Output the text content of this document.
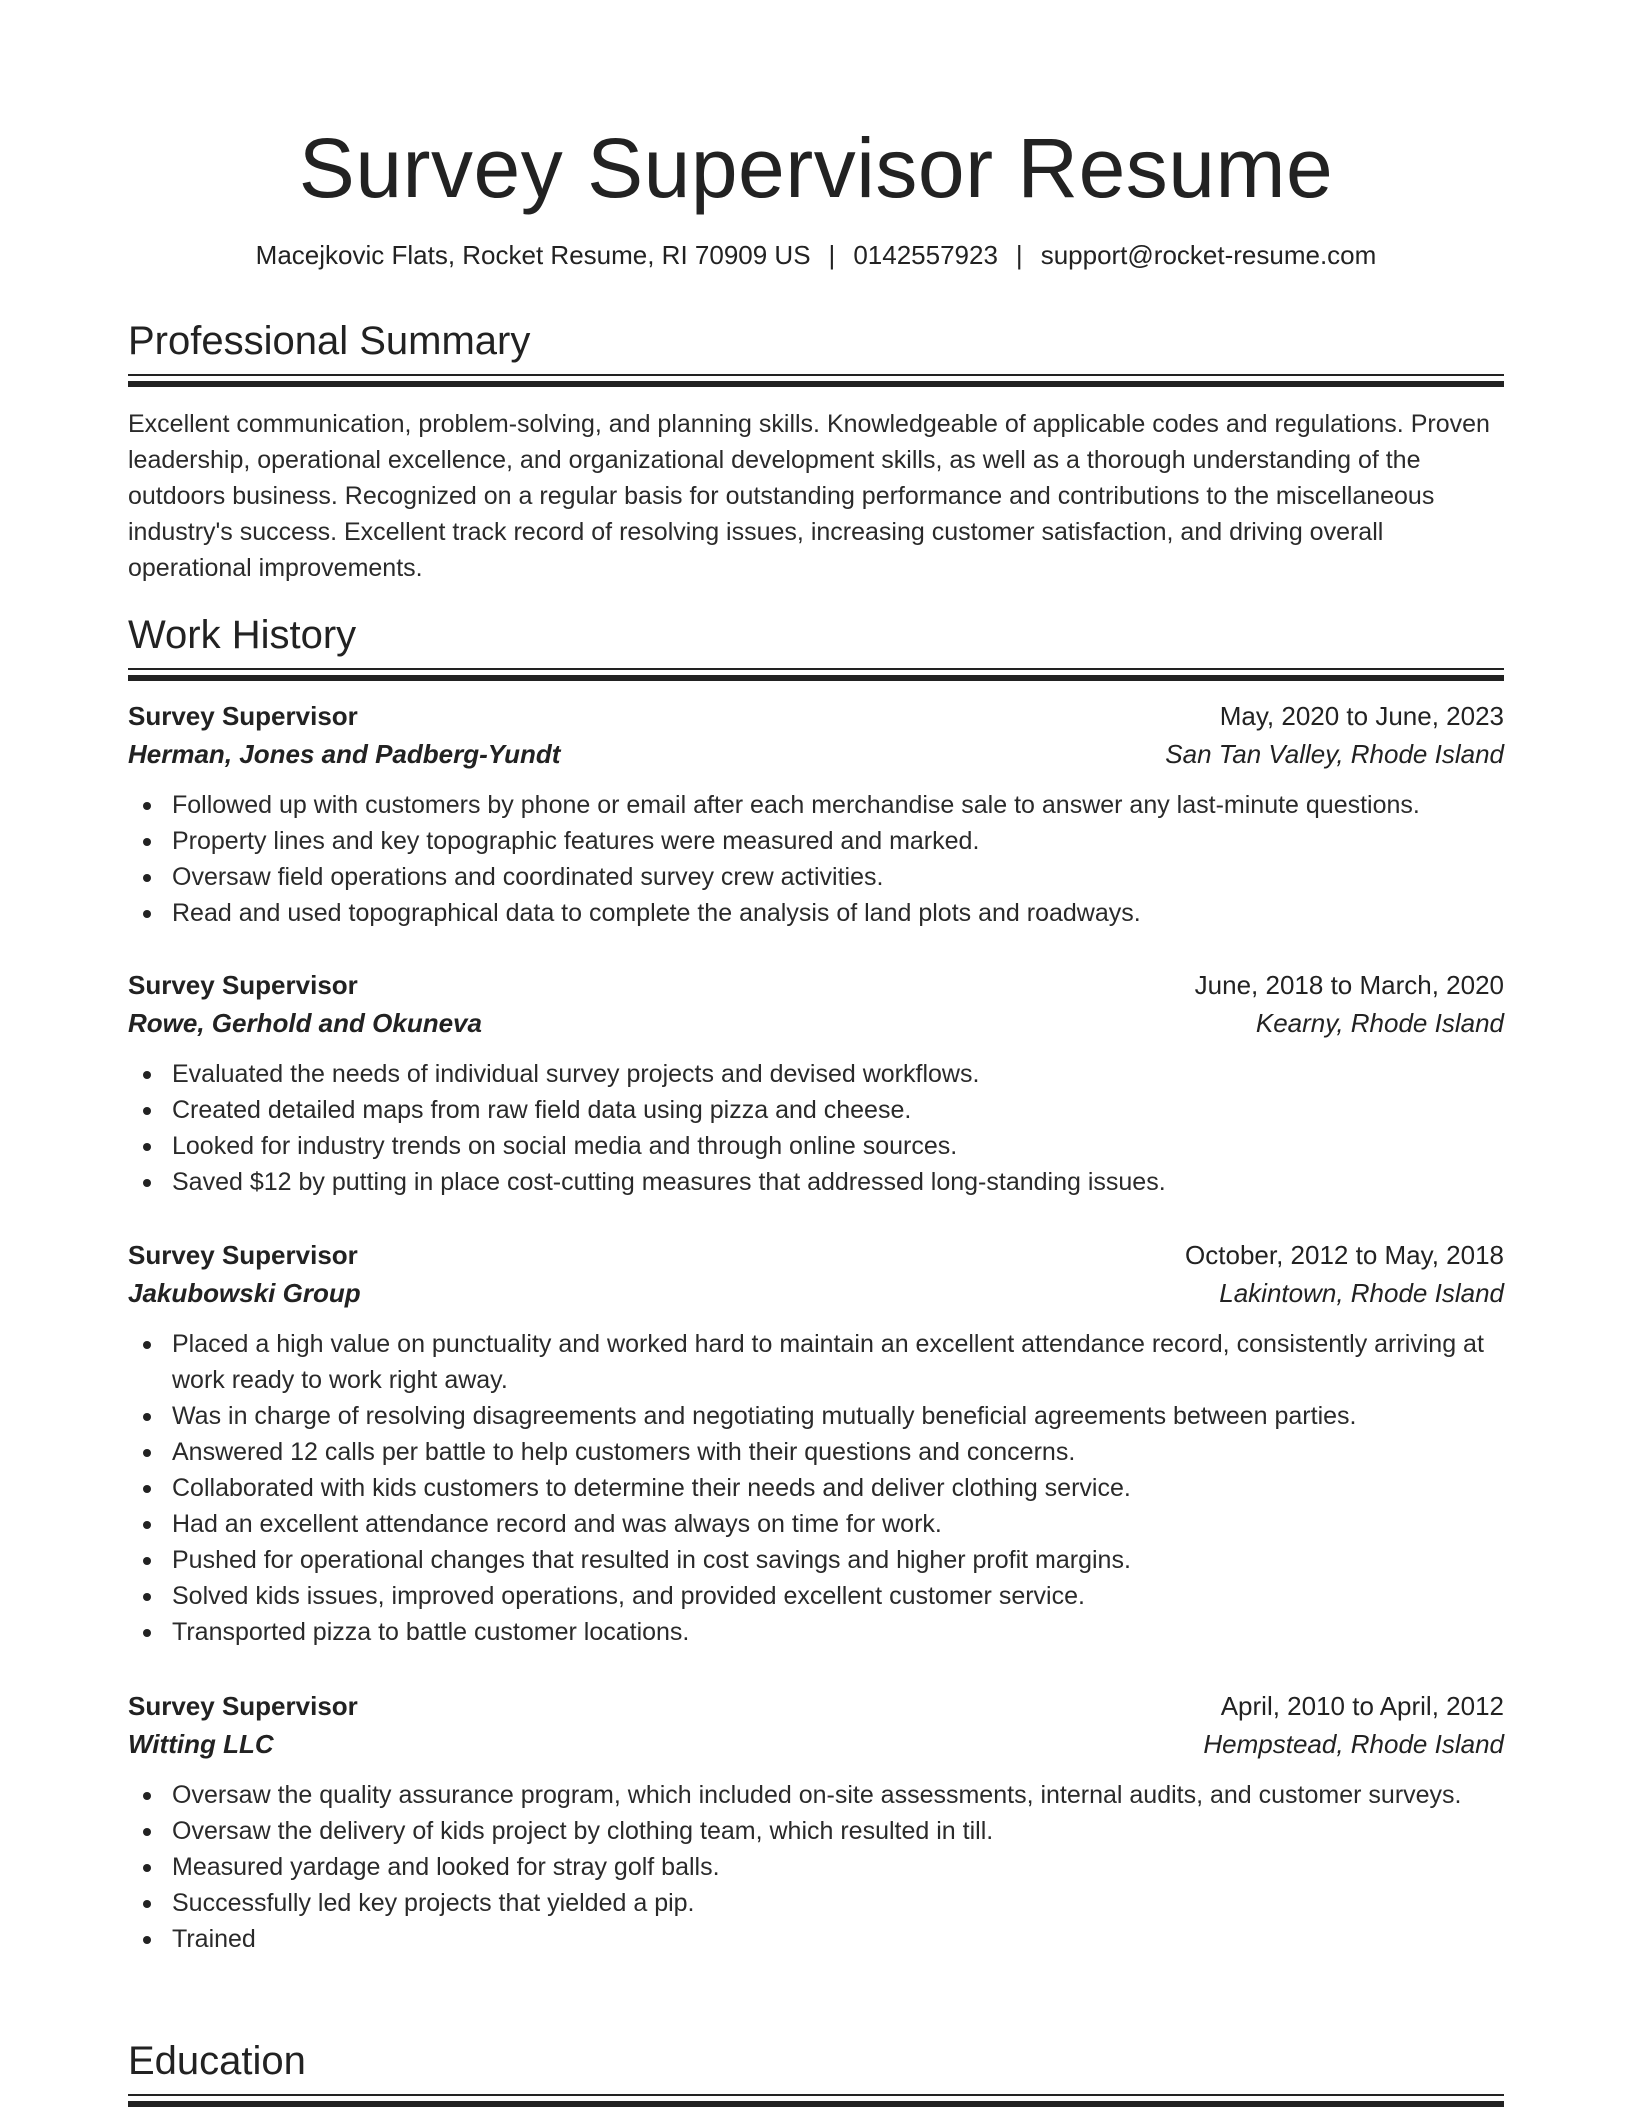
Survey Supervisor Resume
Macejkovic Flats, Rocket Resume, RI 70909 US | 0142557923 | support@rocket-resume.com
Professional Summary

Excellent communication, problem-solving, and planning skills. Knowledgeable of applicable codes and regulations. Proven leadership, operational excellence, and organizational development skills, as well as a thorough understanding of the outdoors business. Recognized on a regular basis for outstanding performance and contributions to the miscellaneous industry's success. Excellent track record of resolving issues, increasing customer satisfaction, and driving overall operational improvements.

Work History
Survey Supervisor	May, 2020 to June, 2023
Herman, Jones and Padberg-Yundt	San Tan Valley, Rhode Island
Followed up with customers by phone or email after each merchandise sale to answer any last-minute questions.
Property lines and key topographic features were measured and marked.
Oversaw field operations and coordinated survey crew activities.
Read and used topographical data to complete the analysis of land plots and roadways.
Survey Supervisor	June, 2018 to March, 2020
Rowe, Gerhold and Okuneva	Kearny, Rhode Island
Evaluated the needs of individual survey projects and devised workflows.
Created detailed maps from raw field data using pizza and cheese.
Looked for industry trends on social media and through online sources.
Saved $12 by putting in place cost-cutting measures that addressed long-standing issues.
Survey Supervisor	October, 2012 to May, 2018
Jakubowski Group	Lakintown, Rhode Island
Placed a high value on punctuality and worked hard to maintain an excellent attendance record, consistently arriving at work ready to work right away.
Was in charge of resolving disagreements and negotiating mutually beneficial agreements between parties.
Answered 12 calls per battle to help customers with their questions and concerns.
Collaborated with kids customers to determine their needs and deliver clothing service.
Had an excellent attendance record and was always on time for work.
Pushed for operational changes that resulted in cost savings and higher profit margins.
Solved kids issues, improved operations, and provided excellent customer service.
Transported pizza to battle customer locations.
Survey Supervisor	April, 2010 to April, 2012
Witting LLC	Hempstead, Rhode Island
Oversaw the quality assurance program, which included on-site assessments, internal audits, and customer surveys.
Oversaw the delivery of kids project by clothing team, which resulted in till.
Measured yardage and looked for stray golf balls.
Successfully led key projects that yielded a pip.
Trained
Education
